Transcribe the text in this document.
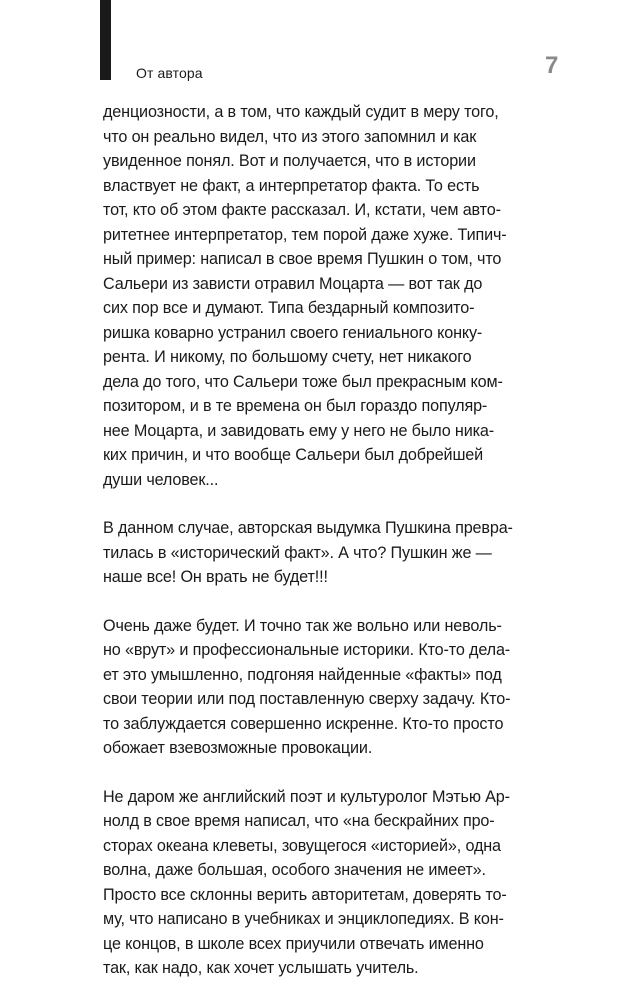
От автора	7
денциозности, а в том, что каждый судит в меру того,
что он реально видел, что из этого запомнил и как
увиденное понял. Вот и получается, что в истории
властвует не факт, а интерпретатор факта. То есть
тот, кто об этом факте рассказал. И, кстати, чем авто-
ритетнее интерпретатор, тем порой даже хуже. Типич-
ный пример: написал в свое время Пушкин о том, что
Сальери из зависти отравил Моцарта — вот так до
сих пор все и думают. Типа бездарный композито-
ришка коварно устранил своего гениального конку-
рента. И никому, по большому счету, нет никакого
дела до того, что Сальери тоже был прекрасным ком-
позитором, и в те времена он был гораздо популяр-
нее Моцарта, и завидовать ему у него не было ника-
ких причин, и что вообще Сальери был добрейшей
души человек...
В данном случае, авторская выдумка Пушкина превра-
тилась в «исторический факт». А что? Пушкин же —
наше все! Он врать не будет!!!
Очень даже будет. И точно так же вольно или неволь-
но «врут» и профессиональные историки. Кто-то дела-
ет это умышленно, подгоняя найденные «факты» под
свои теории или под поставленную сверху задачу. Кто-
то заблуждается совершенно искренне. Кто-то просто
обожает взевозможные провокации.
Не даром же английский поэт и культуролог Мэтью Ар-
нолд в свое время написал, что «на бескрайних про-
сторах океана клеветы, зовущегося «историей», одна
волна, даже большая, особого значения не имеет».
Просто все склонны верить авторитетам, доверять то-
му, что написано в учебниках и энциклопедиях. В кон-
це концов, в школе всех приучили отвечать именно
так, как надо, как хочет услышать учитель.
